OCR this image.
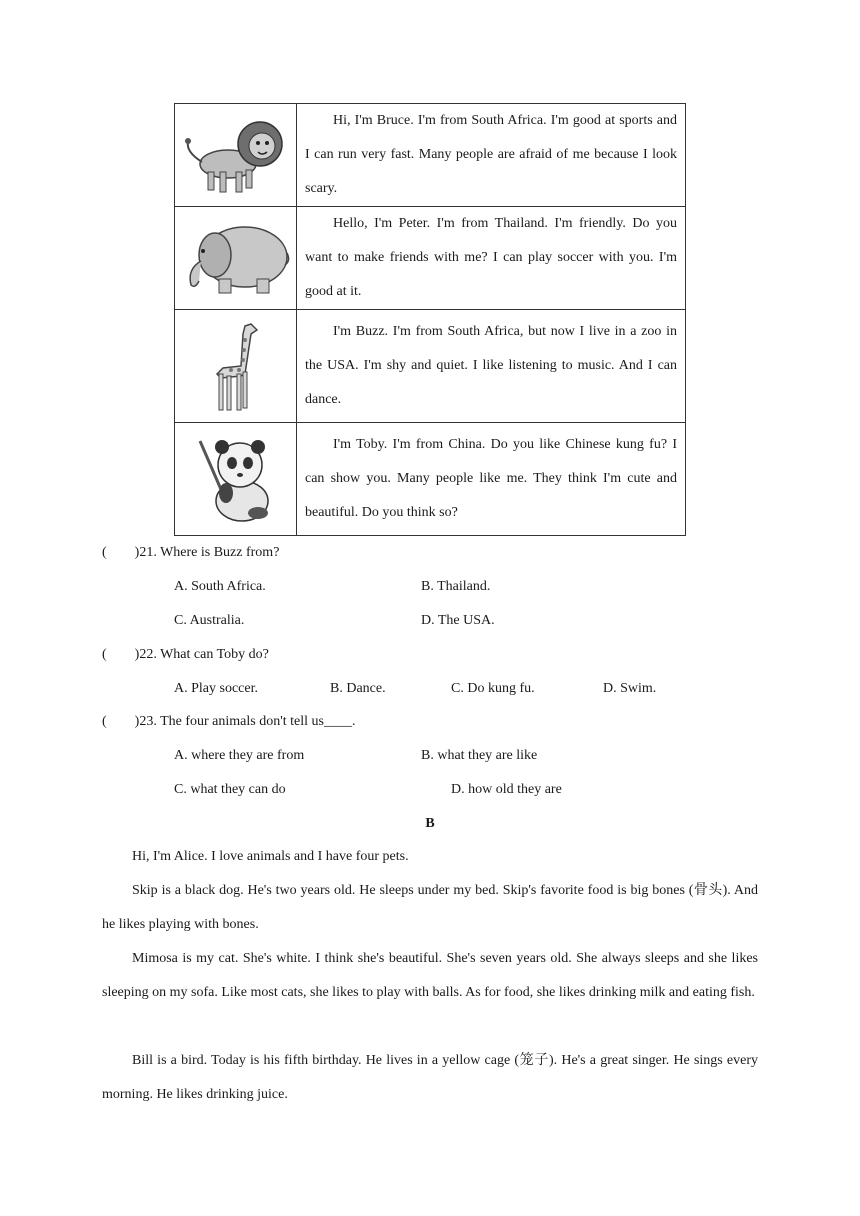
	Hi, I'm Bruce. I'm from South Africa. I'm good at sports and I can run very fast. Many people are afraid of me because I look scary.

	Hello, I'm Peter. I'm from Thailand. I'm friendly. Do you want to make friends with me? I can play soccer with you. I'm good at it.

	I'm Buzz. I'm from South Africa, but now I live in a zoo in the USA. I'm shy and quiet. I like listening to music. And I can dance.

	I'm Toby. I'm from China. Do you like Chinese kung fu? I can show you. Many people like me. They think I'm cute and beautiful. Do you think so?
(        )21. Where is Buzz from?
A. South Africa.	B. Thailand.
C. Australia.	D. The USA.
(        )22. What can Toby do?
A. Play soccer.	B. Dance.	C. Do kung fu.	D. Swim.
(        )23. The four animals don't tell us____.
A. where they are from	B. what they are like
C. what they can do	D. how old they are
B
Hi, I'm Alice. I love animals and I have four pets.
Skip is a black dog. He's two years old. He sleeps under my bed. Skip's favorite food is big bones (骨头). And he likes playing with bones.
Mimosa is my cat. She's white. I think she's beautiful. She's seven years old. She always sleeps and she likes sleeping on my sofa. Like most cats, she likes to play with balls. As for food, she likes drinking milk and eating fish.
Bill is a bird. Today is his fifth birthday. He lives in a yellow cage (笼子). He's a great singer. He sings every morning. He likes drinking juice.
